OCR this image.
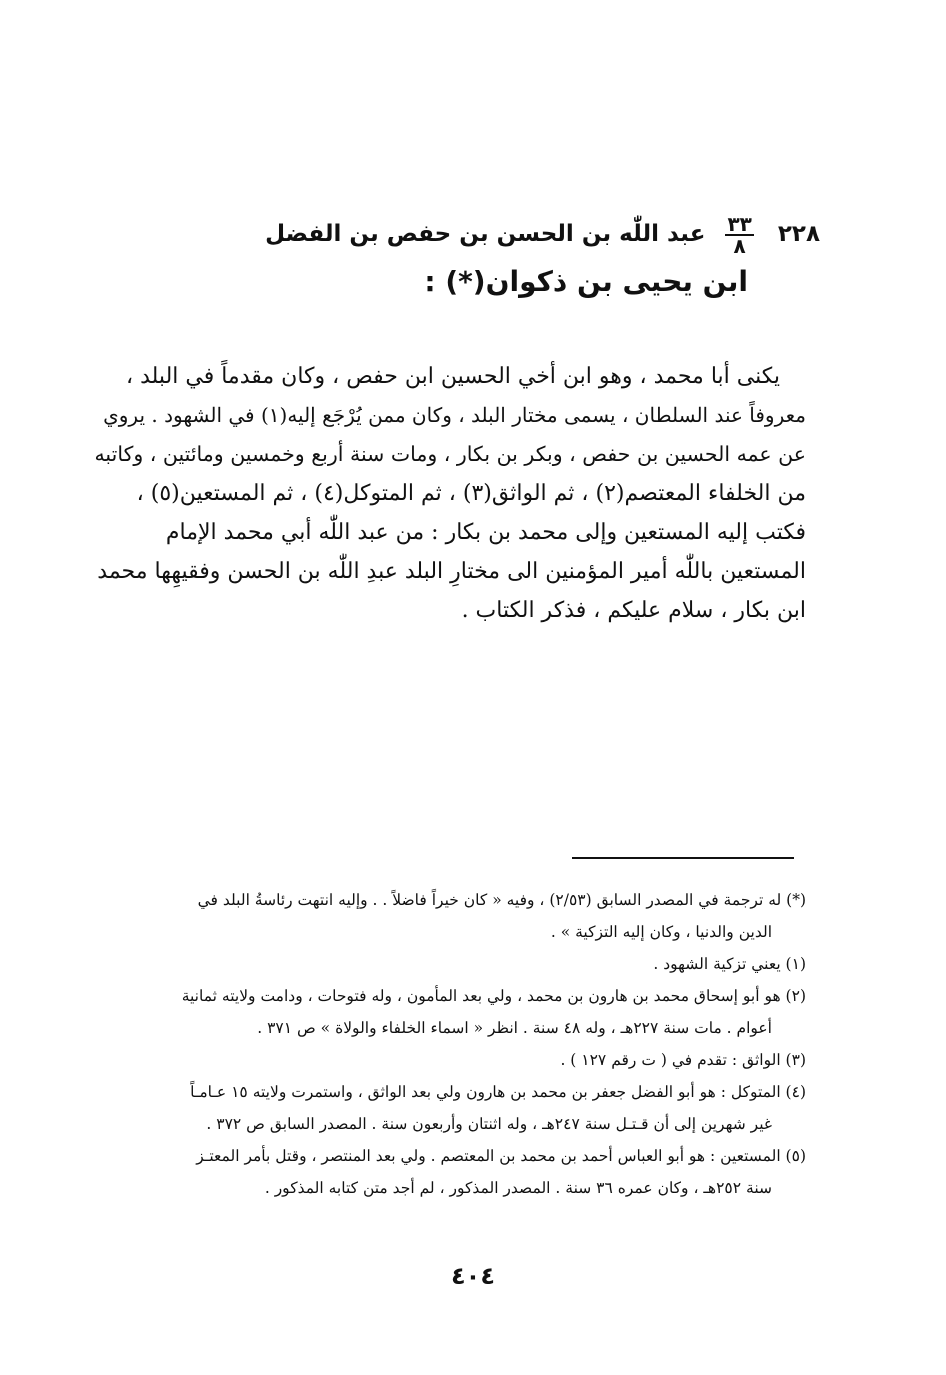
٢٢٨
$\frac{٣٣}{٨}$
عبد اللّٰه بن الحسن بن حفص بن الفضل
ابن يحيى بن ذكوان(*) :

يكنى أبا محمد ، وهو ابن أخي الحسين ابن حفص ، وكان مقدماً في البلد ،

معروفاً عند السلطان ، يسمى مختار البلد ، وكان ممن يُرْجَع إليه(١) في الشهود . يروي

عن عمه الحسين بن حفص ، وبكر بن بكار ، ومات سنة أربع وخمسين ومائتين ، وكاتبه

من الخلفاء المعتصم(٢) ، ثم الواثق(٣) ، ثم المتوكل(٤) ، ثم المستعين(٥) ،

فكتب إليه المستعين وإلى محمد بن بكار : من عبد اللّٰه أبي محمد الإمام

المستعين باللّٰه أمير المؤمنين الى مختارِ البلد عبدِ اللّٰه بن الحسن وفقيهِها محمد

ابن بكار ، سلام عليكم ، فذكر الكتاب .

(*) له ترجمة في المصدر السابق (٢/٥٣) ، وفيه « كان خيراً فاضلاً . . وإليه انتهت رئاسةُ البلد في
الدين والدنيا ، وكان إليه التزكية » .
(١) يعني تزكية الشهود .
(٢) هو أبو إسحاق محمد بن هارون بن محمد ، ولي بعد المأمون ، وله فتوحات ، ودامت ولايته ثمانية
أعوام . مات سنة ٢٢٧هـ ، وله ٤٨ سنة . انظر « اسماء الخلفاء والولاة » ص ٣٧١ .
(٣) الواثق : تقدم في ( ت رقم ١٢٧ ) .
(٤) المتوكل : هو أبو الفضل جعفر بن محمد بن هارون ولي بعد الواثق ، واستمرت ولايته ١٥ عـامـاً
غير شهرين إلى أن قـتـل سنة ٢٤٧هـ ، وله اثنتان وأربعون سنة . المصدر السابق ص ٣٧٢ .
(٥) المستعين : هو أبو العباس أحمد بن محمد بن المعتصم . ولي بعد المنتصر ، وقتل بأمر المعتـز
سنة ٢٥٢هـ ، وكان عمره ٣٦ سنة . المصدر المذكور ، لم أجد متن كتابه المذكور .
٤٠٤
